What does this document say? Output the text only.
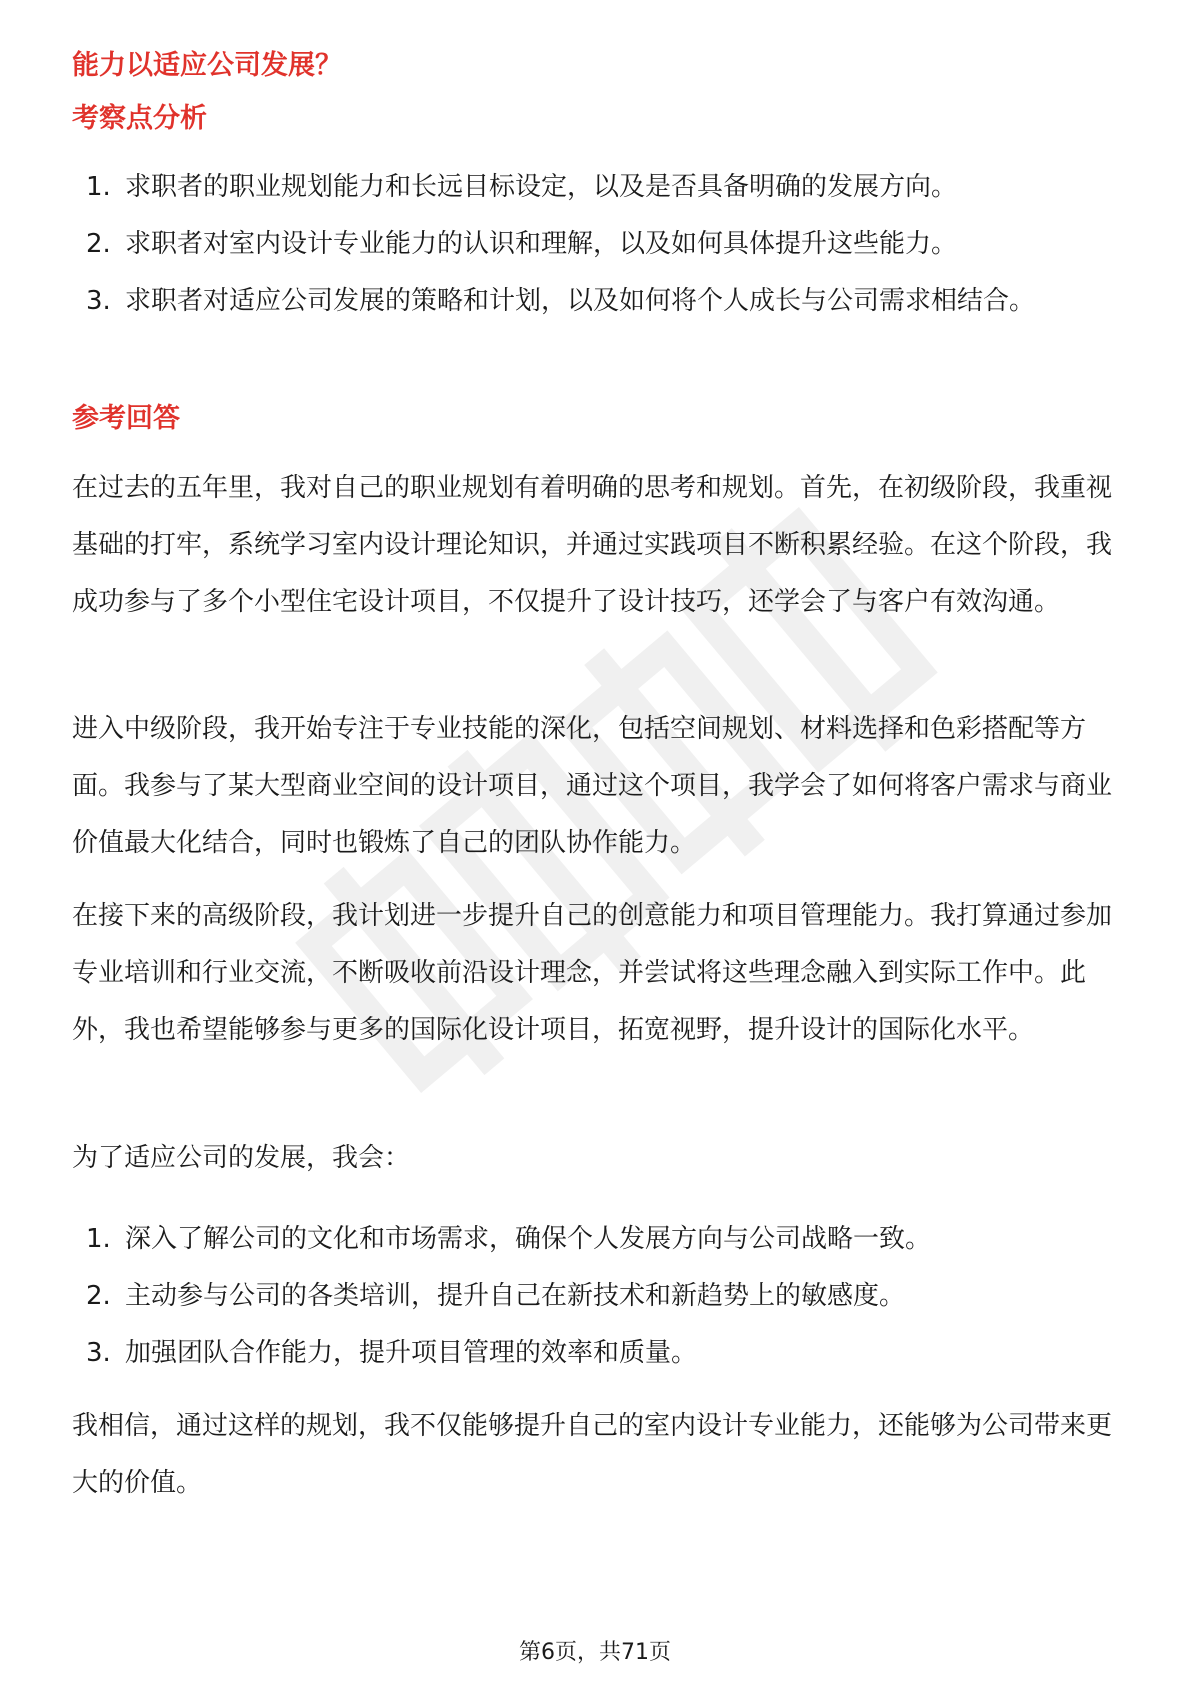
能力以适应公司发展？
考察点分析
1. 求职者的职业规划能力和长远目标设定，以及是否具备明确的发展方向。
2. 求职者对室内设计专业能力的认识和理解，以及如何具体提升这些能力。
3. 求职者对适应公司发展的策略和计划，以及如何将个人成长与公司需求相结合。
参考回答

在过去的五年里，我对自己的职业规划有着明确的思考和规划。首先，在初级阶段，我重视基础的打牢，系统学习室内设计理论知识，并通过实践项目不断积累经验。在这个阶段，我成功参与了多个小型住宅设计项目，不仅提升了设计技巧，还学会了与客户有效沟通。

进入中级阶段，我开始专注于专业技能的深化，包括空间规划、材料选择和色彩搭配等方面。我参与了某大型商业空间的设计项目，通过这个项目，我学会了如何将客户需求与商业价值最大化结合，同时也锻炼了自己的团队协作能力。

在接下来的高级阶段，我计划进一步提升自己的创意能力和项目管理能力。我打算通过参加专业培训和行业交流，不断吸收前沿设计理念，并尝试将这些理念融入到实际工作中。此外，我也希望能够参与更多的国际化设计项目，拓宽视野，提升设计的国际化水平。

为了适应公司的发展，我会：

1. 深入了解公司的文化和市场需求，确保个人发展方向与公司战略一致。
2. 主动参与公司的各类培训，提升自己在新技术和新趋势上的敏感度。
3. 加强团队合作能力，提升项目管理的效率和质量。

我相信，通过这样的规划，我不仅能够提升自己的室内设计专业能力，还能够为公司带来更大的价值。

第6页，共71页
